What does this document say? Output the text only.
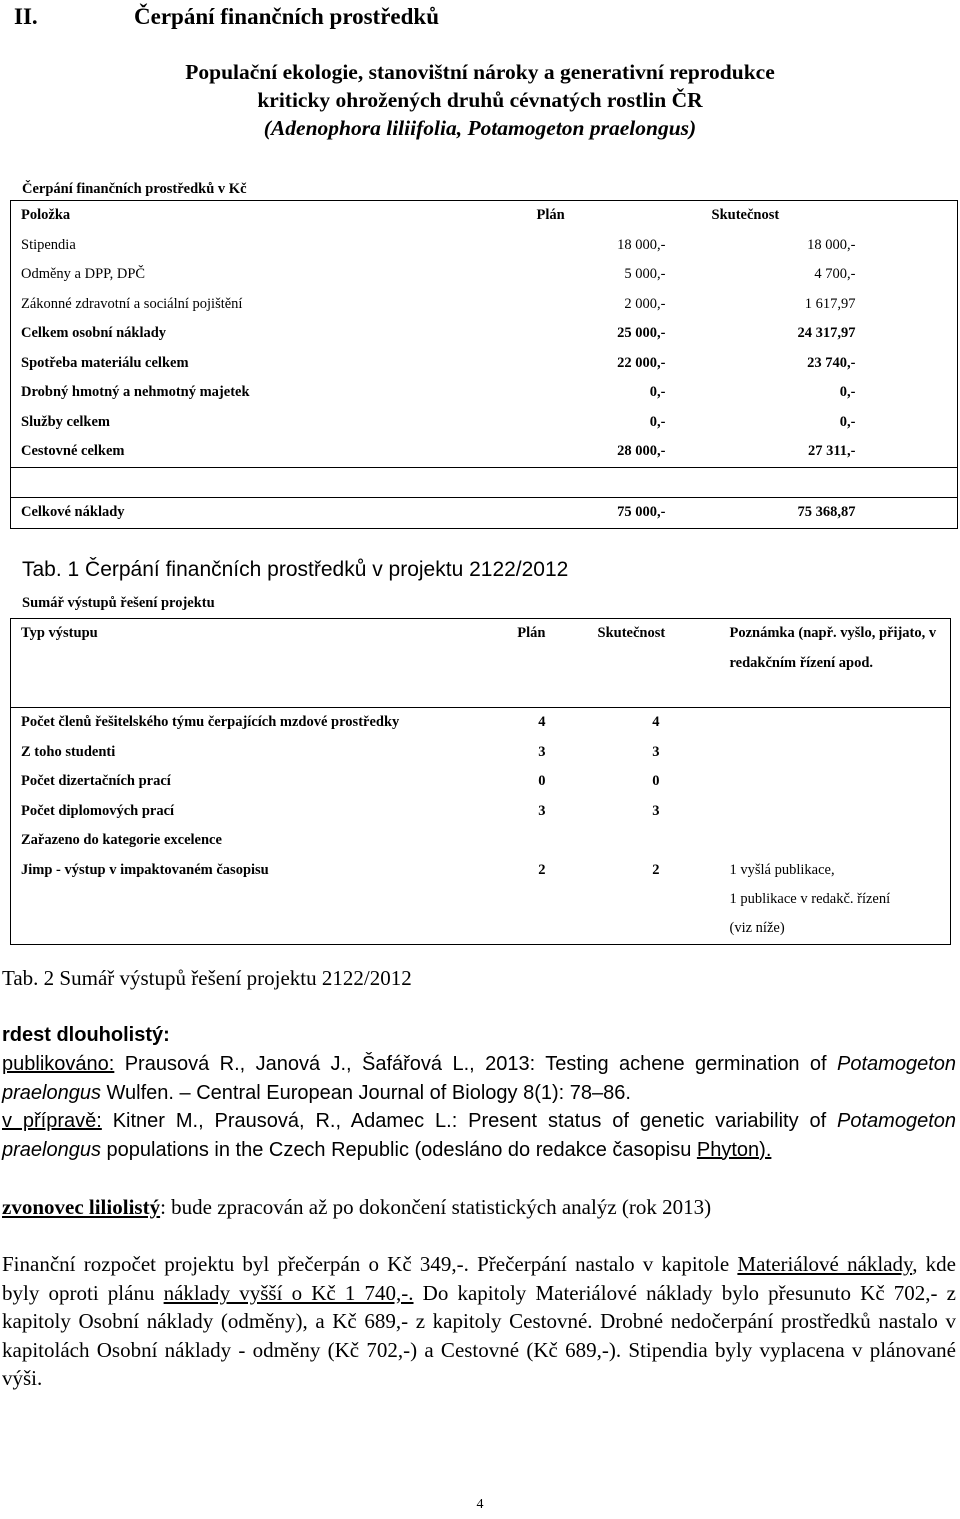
II.	Čerpání finančních prostředků
Populační ekologie, stanovištní nároky a generativní reprodukce
kriticky ohrožených druhů cévnatých rostlin ČR
(Adenophora liliifolia, Potamogeton praelongus)
Čerpání finančních prostředků v Kč
Položka	Plán	Skutečnost	
Stipendia	18 000,-	18 000,-	
Odměny a DPP, DPČ	5 000,-	4 700,-	
Zákonné zdravotní a sociální pojištění	2 000,-	1 617,97	
Celkem osobní náklady	25 000,-	24 317,97	
Spotřeba materiálu celkem	22 000,-	23 740,-	
Drobný hmotný a nehmotný majetek	0,-	0,-	
Služby celkem	0,-	0,-	
Cestovné celkem	28 000,-	27 311,-	

Celkové náklady	75 000,-	75 368,87	
Tab. 1 Čerpání finančních prostředků v projektu 2122/2012
Sumář výstupů řešení projektu
Typ výstupu	Plán	Skutečnost	Poznámka (např. vyšlo, přijato, v redakčním řízení apod.
Počet členů řešitelského týmu čerpajících mzdové prostředky	4	4	
Z toho studenti	3	3	
Počet dizertačních prací	0	0	
Počet diplomových prací	3	3	
Zařazeno do kategorie excelence			
Jimp - výstup v impaktovaném časopisu	2	2	1 vyšlá publikace,
1 publikace v redakč. řízení
(viz níže)
Tab. 2 Sumář výstupů řešení projektu 2122/2012
rdest dlouholistý:
publikováno: Prausová R., Janová J., Šafářová L., 2013: Testing achene germination of Potamogeton praelongus Wulfen. – Central European Journal of Biology 8(1): 78–86.
v přípravě: Kitner M., Prausová, R., Adamec L.: Present status of genetic variability of Potamogeton praelongus populations in the Czech Republic (odesláno do redakce časopisu Phyton).
zvonovec liliolistý: bude zpracován až po dokončení statistických analýz (rok 2013)
Finanční rozpočet projektu byl přečerpán o Kč 349,-. Přečerpání nastalo v kapitole Materiálové náklady, kde byly oproti plánu náklady vyšší o Kč 1 740,-. Do kapitoly Materiálové náklady bylo přesunuto Kč 702,- z kapitoly Osobní náklady (odměny), a Kč 689,- z kapitoly Cestovné. Drobné nedočerpání prostředků nastalo v kapitolách Osobní náklady - odměny (Kč 702,-) a Cestovné (Kč 689,-). Stipendia byly vyplacena v plánované výši.
4
